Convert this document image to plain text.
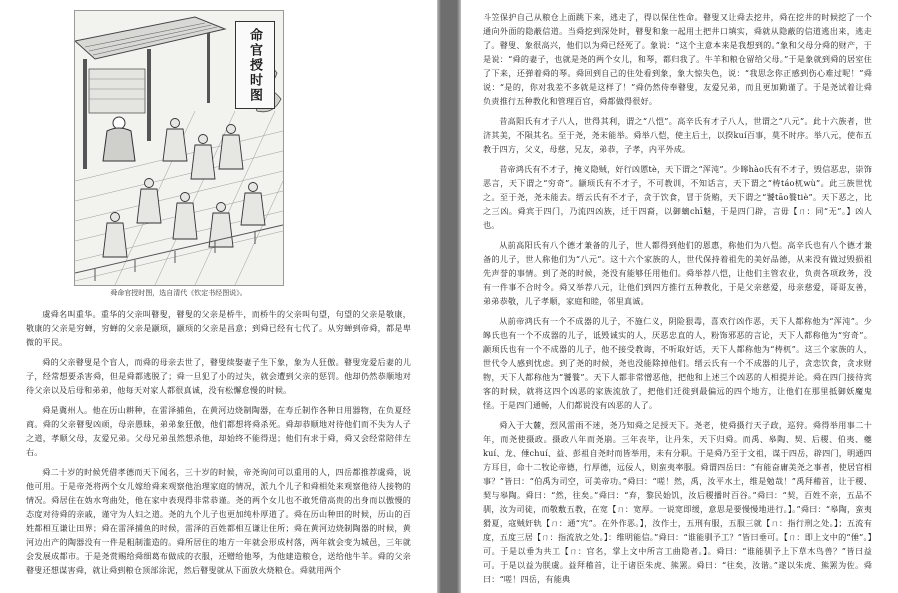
命官授时图
舜命官授时图，选自清代《钦定书经图说》。

虞舜名叫重华。重华的父亲叫瞽叟，瞽叟的父亲是桥牛，而桥牛的父亲叫句望，句望的父亲是敬康，敬康的父亲是穷蝉，穷蝉的父亲是颛顼，颛顼的父亲是昌意；到舜已经有七代了。从穷蝉到帝舜，都是卑微的平民。

舜的父亲瞽叟是个盲人，而舜的母亲去世了，瞽叟续娶妻子生下象，象为人狂傲。瞽叟宠爱后妻的儿子，经常想要杀害舜，但是舜都逃脱了；舜一旦犯了小的过失，就会遭到父亲的惩罚。他却仍然恭顺地对待父亲以及后母和弟弟，他每天对家人都很真诚，没有松懈怠慢的时候。

舜是冀州人。他在历山耕种，在雷泽捕鱼，在黄河边烧制陶器，在寿丘制作各种日用器物，在负夏经商。舜的父亲瞽叟凶顽，母亲愚昧，弟弟象狂傲，他们都想将舜杀死。舜却恭顺地对待他们而不失为人子之道，孝顺父母，友爱兄弟。父母兄弟虽然想杀他，却始终不能得逞；他们有求于舜，舜又会经常陪伴左右。

舜二十岁的时候凭借孝德而天下闻名，三十岁的时候，帝尧询问可以重用的人，四岳都推荐虞舜，说他可用。于是帝尧将两个女儿嫁给舜来观察他治理家庭的情况，派九个儿子和舜相处来观察他待人接物的情况。舜居住在妫水弯曲处，他在家中表现得非常恭谨。尧的两个女儿也不敢凭借高贵的出身而以傲慢的态度对待舜的亲戚，谨守为人妇之道。尧的九个儿子也更加纯朴厚道了。舜在历山种田的时候，历山的百姓都相互谦让田界；舜在雷泽捕鱼的时候，雷泽的百姓都相互谦让住所；舜在黄河边烧制陶器的时候，黄河边出产的陶器没有一件是粗制滥造的。舜所居住的地方一年就会形成村落，两年就会变为城邑，三年就会发展成都市。于是尧赏赐给舜细葛布做成的衣服，还赠给他琴，为他建造粮仓，送给他牛羊。舜的父亲瞽叟还想谋害舜，就让舜到粮仓顶部涂泥，然后瞽叟就从下面放火烧粮仓。舜就用两个

斗笠保护自己从粮仓上面跳下来，逃走了，得以保住性命。瞽叟又让舜去挖井，舜在挖井的时候挖了一个通向外面的隐蔽信道。当舜挖到深处时，瞽叟和象一起用土把井口填实，舜就从隐蔽的信道逃出来，逃走了。瞽叟、象很高兴，他们以为舜已经死了。象说：“这个主意本来是我想到的。”象和父母分舜的财产，于是说：“舜的妻子，也就是尧的两个女儿，和琴，都归我了。牛羊和粮仓留给父母。”于是象就到舜的居室住了下来，还弹着舜的琴。舜回到自己的住处看到象，象大惊失色，说：“我思念你正感到伤心难过呢！”舜说：“是的，你对我差不多就是这样了！”舜仍然侍奉瞽叟，友爱兄弟，而且更加勤谨了。于是尧试着让舜负责推行五种教化和管理百官，舜都做得很好。

昔高阳氏有才子八人，世得其利，谓之“八恺”。高辛氏有才子八人，世谓之“八元”。此十六族者，世济其美，不陨其名。至于尧，尧未能举。舜举八恺，使主后土，以揆kuí百事，莫不时序。举八元，使布五教于四方，父义，母慈，兄友，弟恭，子孝，内平外成。

昔帝鸿氏有不才子，掩义隐贼，好行凶慝tè，天下谓之“浑沌”。少皞hào氏有不才子，毁信恶忠，崇饰恶言，天下谓之“穷奇”。颛顼氏有不才子，不可教训，不知话言，天下谓之“梼táo杌wù”。此三族世忧之。至于尧，尧未能去。缙云氏有不才子，贪于饮食，冒于货贿，天下谓之“饕tāo餮tiè”。天下恶之，比之三凶。舜宾于四门，乃流四凶族，迁于四裔，以御螭chī魅，于是四门辟，言毋【ㄇ：同“无”。】凶人也。

从前高阳氏有八个德才兼备的儿子，世人都得到他们的恩惠，称他们为八恺。高辛氏也有八个德才兼备的儿子，世人称他们为“八元”。这十六个家族的人，世代保持着祖先的美好品德，从来没有做过毁损祖先声誉的事情。到了尧的时候，尧没有能够任用他们。舜举荐八恺，让他们主管农业，负责各项政务，没有一件事不合时令。舜又举荐八元，让他们到四方推行五种教化，于是父亲慈爱，母亲慈爱，哥哥友善，弟弟恭敬，儿子孝顺，家庭和睦，邻里真诚。

从前帝鸿氏有一个不成器的儿子，不施仁义，阴险狠毒，喜欢行凶作恶，天下人都称他为“浑沌”。少皞氏也有一个不成器的儿子，诋毁诚实的人，厌恶忠直的人，粉饰邪恶的言论，天下人都称他为“穷奇”。颛顼氏也有一个不成器的儿子，他不接受教诲，不听取好话，天下人都称他为“梼杌”。这三个家族的人，世代令人感到忧虑。到了尧的时候，尧也没能除掉他们。缙云氏有一个不成器的儿子，贪恋饮食，贪求财物，天下人都称他为“饕餮”。天下人都非常憎恶他，把他和上述三个凶恶的人相提并论。舜在四门接待宾客的时候，就将这四个凶恶的家族流放了，把他们迁徙到最偏远的四个地方，让他们在那里抵御妖魔鬼怪。于是四门通畅，人们都说没有凶恶的人了。

舜入于大麓，烈风雷雨不迷，尧乃知舜之足授天下。尧老，使舜摄行天子政，巡狩。舜得举用事二十年，而尧使摄政。摄政八年而尧崩。三年丧毕，让丹朱，天下归舜。而禹、皋陶、契、后稷、伯夷、夔kuí、龙、倕chuí、益、彭祖自尧时而皆举用，未有分职。于是舜乃至于文祖，谋于四岳，辟四门，明通四方耳目，命十二牧论帝德，行厚德，远佞人，则蛮夷率服。舜谓四岳曰：“有能奋庸美尧之事者，使居官相事？”皆曰：“伯禹为司空，可美帝功。”舜曰：“嗟！然，禹，汝平水土，维是勉哉！”禹拜稽首，让于稷、契与皋陶。舜曰：“然，往矣。”舜曰：“弃，黎民始饥，汝后稷播时百谷。”舜曰：“契，百姓不亲，五品不驯，汝为司徒，而敬敷五教，在宽【ㄇ：宽厚。一说宽即缓，意思是要慢慢地进行。】。”舜曰：“皋陶，蛮夷猾夏，寇贼奸轨【ㄇ：通“宄”。在外作恶。】，汝作士，五刑有服，五服三就【ㄇ：指行刑之处。】；五流有度，五度三居【ㄇ：指流放之处。】：维明能信。”舜曰：“谁能驯予工？”皆曰垂可。【ㄇ：即上文中的“倕”。】可。于是以垂为共工【ㄇ：官名，掌上文中所言工曲隐者。】。舜曰：“谁能驯予上下草木鸟兽？”皆曰益可。于是以益为朕虞。益拜稽首，让于诸臣朱虎、熊罴。舜曰：“往矣，汝谐。”遂以朱虎、熊罴为佐。舜曰：“嗟！四岳，有能典
